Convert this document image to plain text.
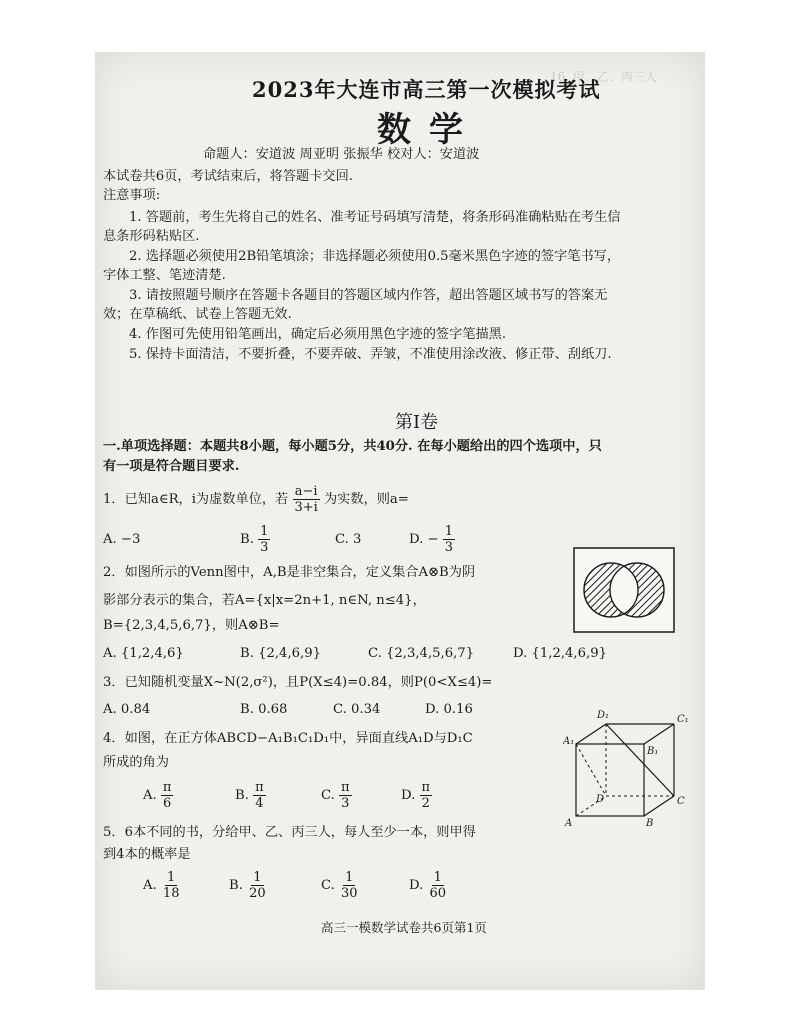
16. 甲、乙、丙三人
2023年大连市高三第一次模拟考试
数学
命题人：安道波 周亚明 张振华 校对人：安道波
本试卷共6页，考试结束后，将答题卡交回.
注意事项:
1. 答题前，考生先将自己的姓名、准考证号码填写清楚，将条形码准确粘贴在考生信
息条形码粘贴区.
2. 选择题必须使用2B铅笔填涂；非选择题必须使用0.5毫米黑色字迹的签字笔书写，
字体工整、笔迹清楚.
3. 请按照题号顺序在答题卡各题目的答题区域内作答，超出答题区域书写的答案无
效；在草稿纸、试卷上答题无效.
4. 作图可先使用铅笔画出，确定后必须用黑色字迹的签字笔描黑.
5. 保持卡面清洁，不要折叠，不要弄破、弄皱，不准使用涂改液、修正带、刮纸刀.
第Ⅰ卷
一.单项选择题：本题共8小题，每小题5分，共40分. 在每小题给出的四个选项中，只
有一项是符合题目要求.
1．已知a∈R，i为虚数单位，若 $\frac{a-i}{3+i}$ 为实数，则a=
A. −3	B. $\frac{1}{3}$	C. 3	D. − $\frac{1}{3}$
2．如图所示的Venn图中，A,B是非空集合，定义集合A⊗B为阴
影部分表示的集合，若A={x|x=2n+1, n∈N, n≤4}，
B={2,3,4,5,6,7}，则A⊗B=
A. {1,2,4,6}	B. {2,4,6,9}	C. {2,3,4,5,6,7}	D. {1,2,4,6,9}
3．已知随机变量X~N(2,σ²)，且P(X≤4)=0.84，则P(0<X≤4)=
A. 0.84	B. 0.68	C. 0.34	D. 0.16
4．如图，在正方体ABCD−A₁B₁C₁D₁中，异面直线A₁D与D₁C
所成的角为
A. $\frac{\pi}{6}$	B. $\frac{\pi}{4}$	C. $\frac{\pi}{3}$	D. $\frac{\pi}{2}$
A	B
C
D
A₁
B₁
C₁
D₁
5．6本不同的书，分给甲、乙、丙三人，每人至少一本，则甲得
到4本的概率是
A. $\frac{1}{18}$	B. $\frac{1}{20}$	C. $\frac{1}{30}$	D. $\frac{1}{60}$
高三一模数学试卷共6页第1页
